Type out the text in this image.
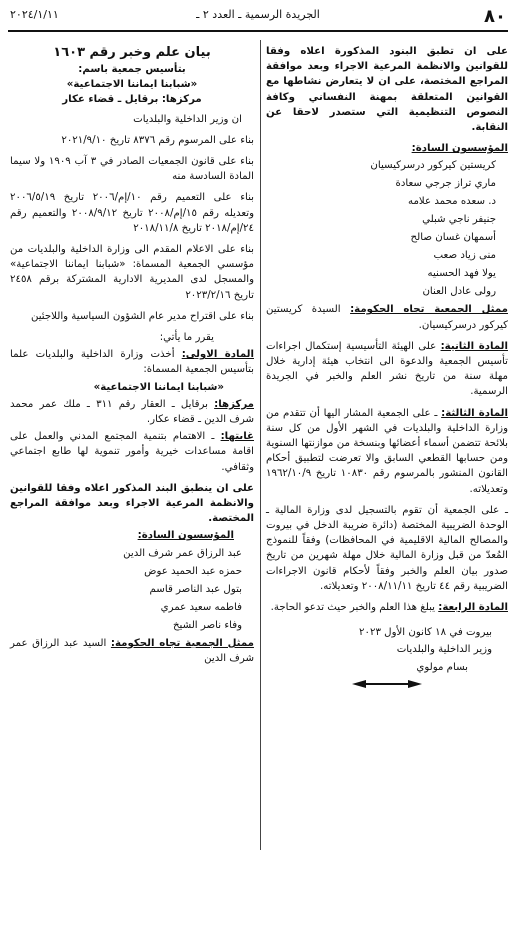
٨٠
الجريدة الرسمية ـ العدد ٢ ـ
٢٠٢٤/١/١١

على ان تطبق البنود المذكورة اعلاه وفقا للقوانين والانظمة المرعية الاجراء وبعد موافقة المراجع المختصة، على ان لا يتعارض نشاطها مع القوانين المتعلقة بمهنة النفساني وكافة النصوص التنظيمية التي ستصدر لاحقا عن النقابة.

المؤسسون السادة:

كريستين كيركور درسركيسيان
ماري تراز جرجي سعادة
د. سعده محمد علامه
جنيفر ناجي شبلي
أسمهان غسان صالح
منى زياد صعب
يولا فهد الحسنيه
رولى عادل العنان

ممثل الجمعية تجاه الحكومة: السيدة كريستين كيركور درسركيسيان.

المادة الثانية: على الهيئة التأسيسية إستكمال اجراءات تأسيس الجمعية والدعوة الى انتخاب هيئة إدارية خلال مهلة سنة من تاريخ نشر العلم والخبر في الجريدة الرسمية.

المادة الثالثة: ـ على الجمعية المشار اليها أن تتقدم من وزارة الداخلية والبلديات في الشهر الأول من كل سنة بلائحة تتضمن أسماء أعضائها وبنسخة من موازنتها السنوية ومن حسابها القطعي السابق والا تعرضت لتطبيق أحكام القانون المنشور بالمرسوم رقم ١٠٨٣٠ تاريخ ١٩٦٢/١٠/٩ وتعديلاته.

ـ على الجمعية أن تقوم بالتسجيل لدى وزارة المالية ـ الوحدة الضريبية المختصة (دائرة ضريبة الدخل في بيروت والمصالح المالية الاقليمية في المحافظات) وفقاً للنموذج المُعدّ من قبل وزارة المالية خلال مهلة شهرين من تاريخ صدور بيان العلم والخبر وفقاً لأحكام قانون الاجراءات الضريبية رقم ٤٤ تاريخ ٢٠٠٨/١١/١١ وتعديلاته.

المادة الرابعة: يبلغ هذا العلم والخبر حيث تدعو الحاجة.

بيروت في ١٨ كانون الأول ٢٠٢٣

وزير الداخلية والبلديات

بسام مولوي

بيان علم وخبر رقم ١٦٠٣

بتأسيس جمعية باسم:

«شبابنا ايماننا الاجتماعية»

مركزها: برقايل ـ قضاء عكار

ان وزير الداخلية والبلديات

بناء على المرسوم رقم ٨٣٧٦ تاريخ ٢٠٢١/٩/١٠

بناء على قانون الجمعيات الصادر في ٣ آب ١٩٠٩ ولا سيما المادة السادسة منه

بناء على التعميم رقم ١٠/إم/٢٠٠٦ تاريخ ٢٠٠٦/٥/١٩ وتعديله رقم ١٥/إم/٢٠٠٨ تاريخ ٢٠٠٨/٩/١٢ والتعميم رقم ٢٤/إم/٢٠١٨ تاريخ ٢٠١٨/١١/٨

بناء على الاعلام المقدم الى وزارة الداخلية والبلديات من مؤسسي الجمعية المسماة: «شبابنا ايماننا الاجتماعية» والمسجل لدى المديرية الادارية المشتركة برقم ٢٤٥٨ تاريخ ٢٠٢٣/٢/١٦

بناء على اقتراح مدير عام الشؤون السياسية واللاجئين

يقرر ما يأتي:

المادة الاولى: أخذت وزارة الداخلية والبلديات علما بتأسيس الجمعية المسماة:

«شبابنا ايماننا الاجتماعية»

مركزها: برقايل ـ العقار رقم ٣١١ ـ ملك عمر محمد شرف الدين ـ قضاء عكار.

غايتها: ـ الاهتمام بتنمية المجتمع المدني والعمل على اقامة مساعدات خيرية وأمور تنموية لها طابع اجتماعي وثقافي.

على ان ينطبق البند المذكور اعلاه وفقا للقوانين والانظمة المرعية الاجراء وبعد موافقة المراجع المختصة.

المؤسسون السادة:

عبد الرزاق عمر شرف الدين
حمزه عبد الحميد عوض
بتول عبد الناصر قاسم
فاطمه سعيد عمري
وفاء ناصر الشيخ

ممثل الجمعية تجاه الحكومة: السيد عبد الرزاق عمر شرف الدين
